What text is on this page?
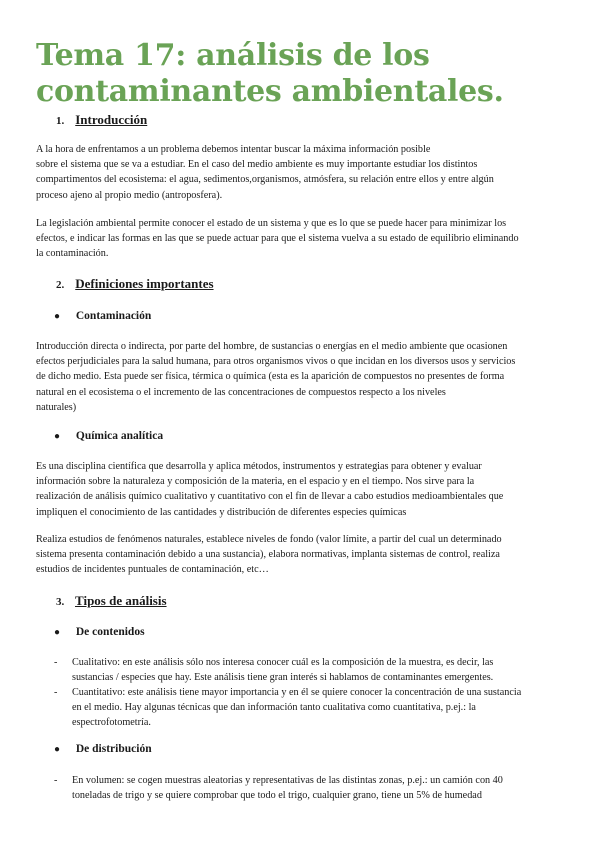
Tema 17: análisis de los contaminantes ambientales.
1. Introducción
A la hora de enfrentamos a un problema debemos intentar buscar la máxima información posible
sobre el sistema que se va a estudiar. En el caso del medio ambiente es muy importante estudiar los distintos
compartimentos del ecosistema: el agua, sedimentos,organismos, atmósfera, su relación entre ellos y entre algún
proceso ajeno al propio medio (antroposfera).
La legislación ambiental permite conocer el estado de un sistema y que es lo que se puede hacer para minimizar los
efectos, e indicar las formas en las que se puede actuar para que el sistema vuelva a su estado de equilibrio eliminando
la contaminación.
2. Definiciones importantes
● Contaminación
Introducción directa o indirecta, por parte del hombre, de sustancias o energías en el medio ambiente que ocasionen
efectos perjudiciales para la salud humana, para otros organismos vivos o que incidan en los diversos usos y servicios
de dicho medio. Esta puede ser física, térmica o química (esta es la aparición de compuestos no presentes de forma
natural en el ecosistema o el incremento de las concentraciones de compuestos respecto a los niveles
naturales)
● Química analítica
Es una disciplina científica que desarrolla y aplica métodos, instrumentos y estrategias para obtener y evaluar
información sobre la naturaleza y composición de la materia, en el espacio y en el tiempo. Nos sirve para la
realización de análisis químico cualitativo y cuantitativo con el fin de llevar a cabo estudios medioambientales que
impliquen el conocimiento de las cantidades y distribución de diferentes especies químicas
Realiza estudios de fenómenos naturales, establece niveles de fondo (valor límite, a partir del cual un determinado
sistema presenta contaminación debido a una sustancia), elabora normativas, implanta sistemas de control, realiza
estudios de incidentes puntuales de contaminación, etc…
3. Tipos de análisis
● De contenidos
- Cualitativo: en este análisis sólo nos interesa conocer cuál es la composición de la muestra, es decir, las
sustancias / especies que hay. Este análisis tiene gran interés si hablamos de contaminantes emergentes.
- Cuantitativo: este análisis tiene mayor importancia y en él se quiere conocer la concentración de una sustancia
en el medio. Hay algunas técnicas que dan información tanto cualitativa como cuantitativa, p.ej.: la
espectrofotometría.
● De distribución
- En volumen: se cogen muestras aleatorias y representativas de las distintas zonas, p.ej.: un camión con 40
toneladas de trigo y se quiere comprobar que todo el trigo, cualquier grano, tiene un 5% de humedad
